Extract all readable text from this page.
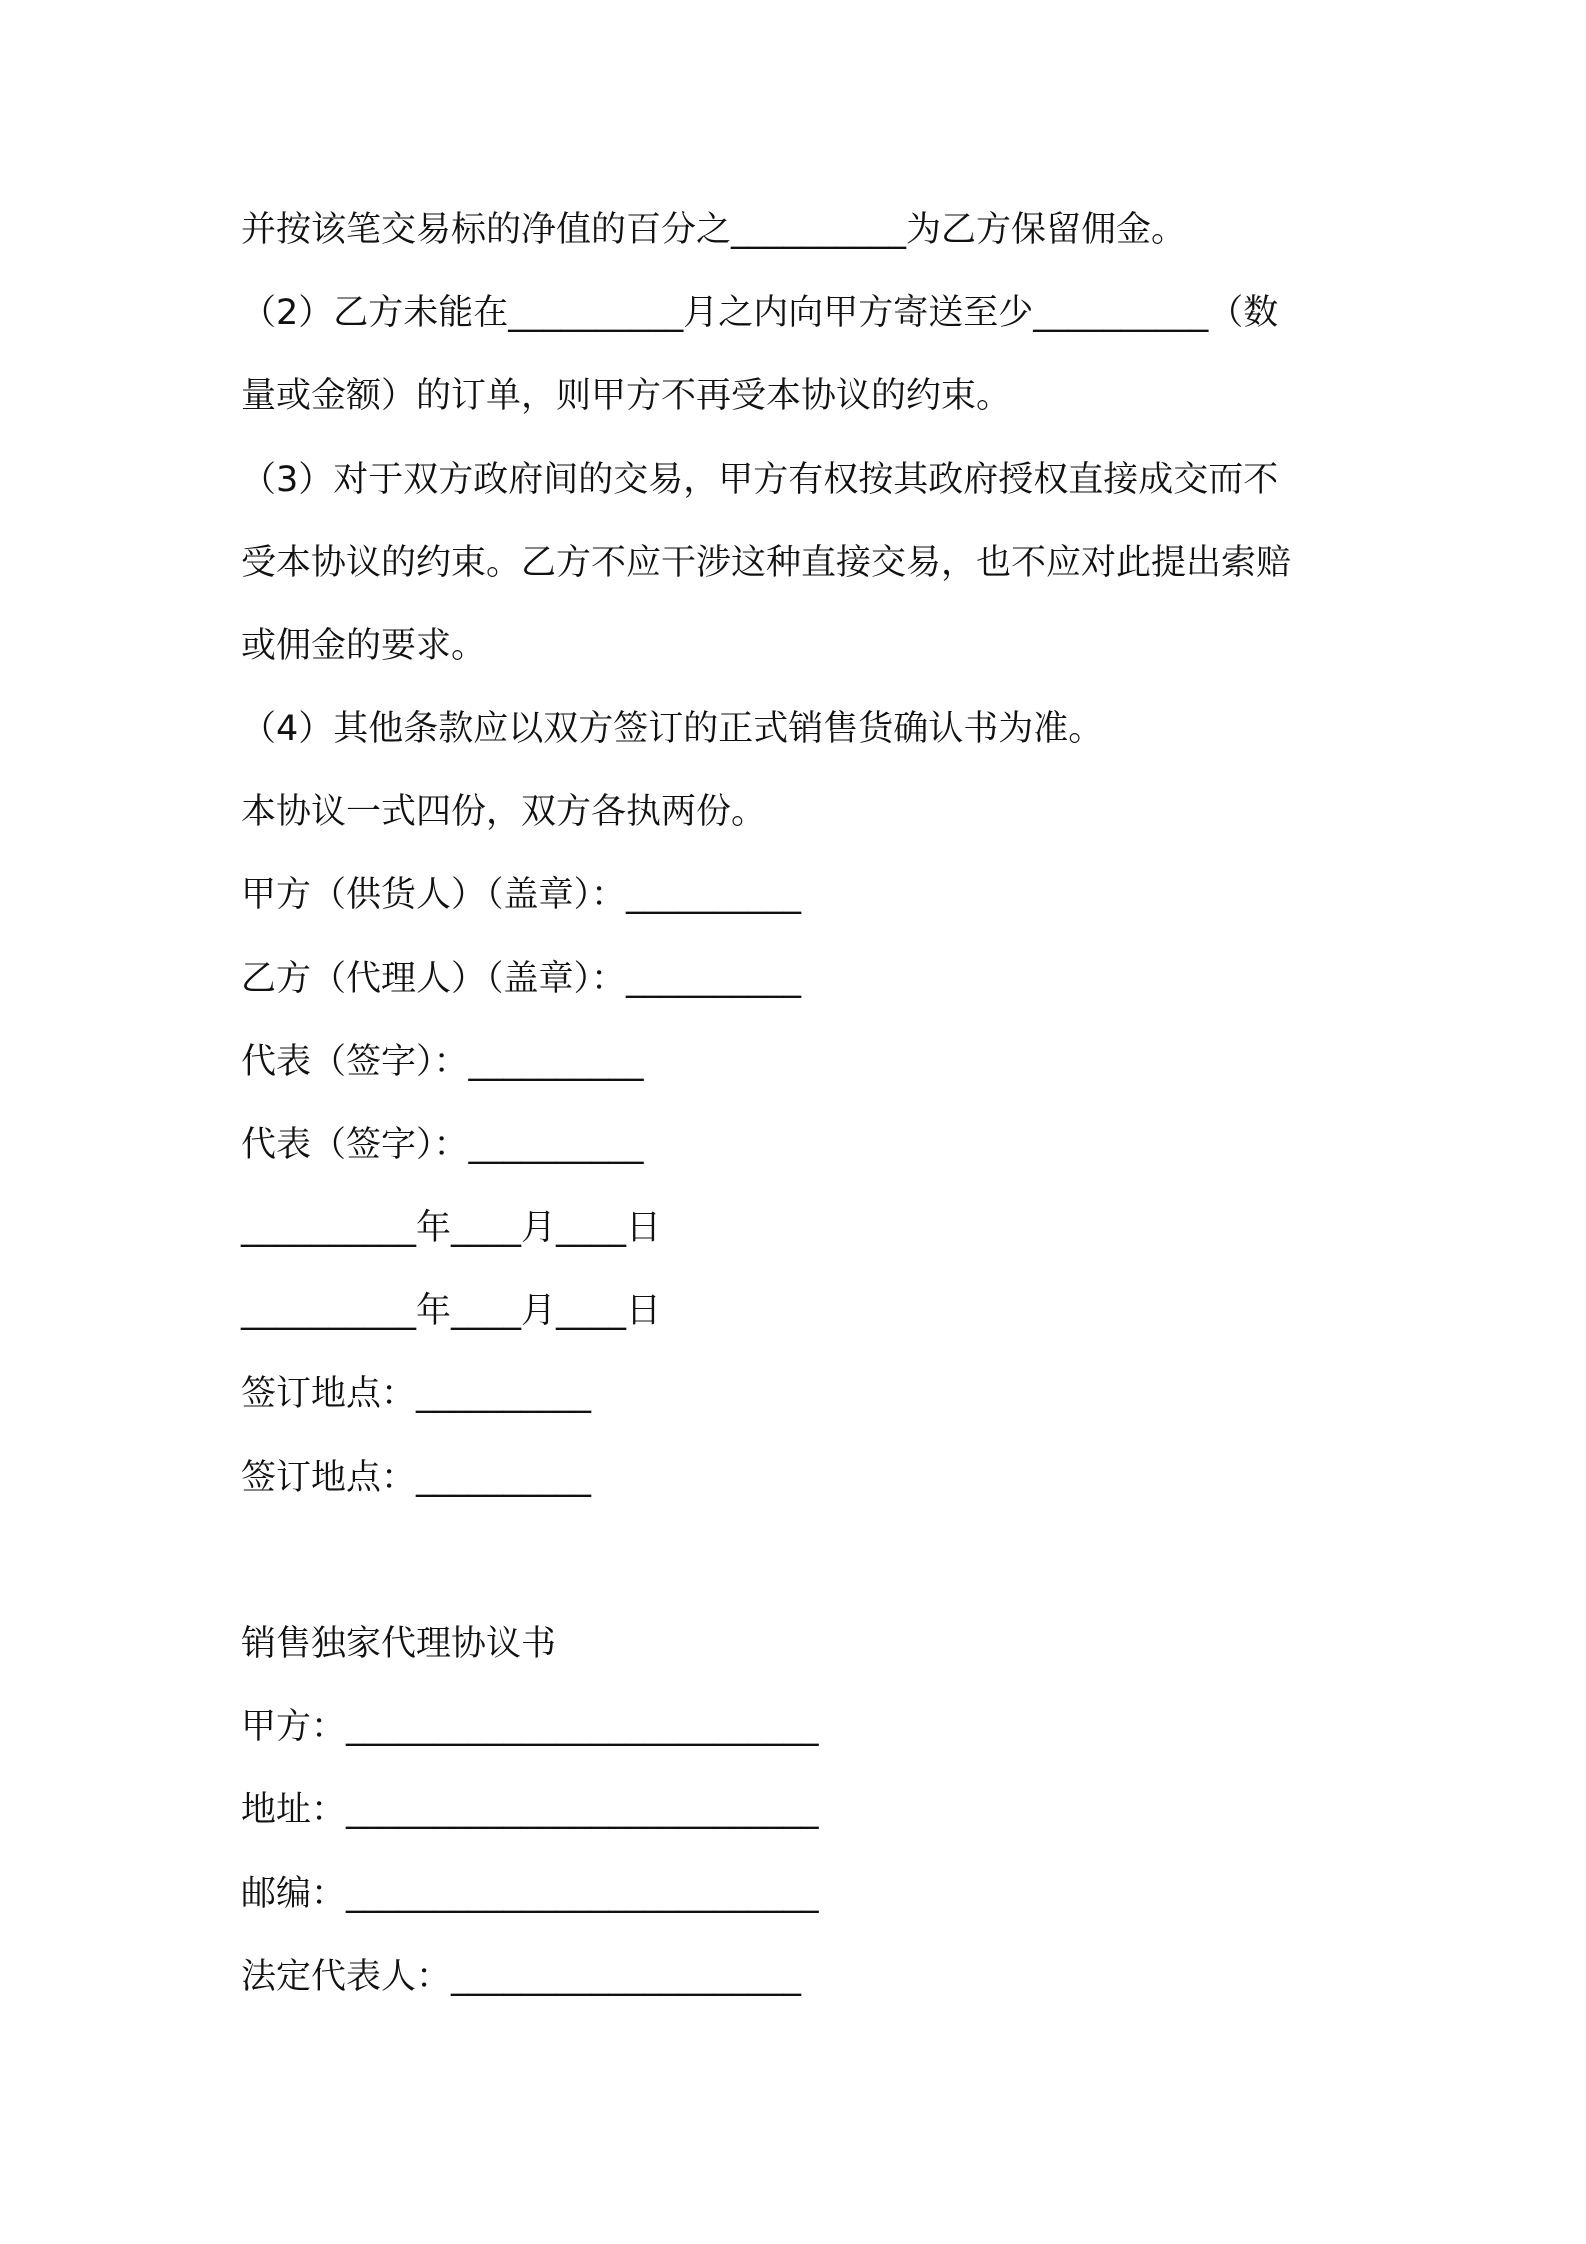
并按该笔交易标的净值的百分之__________为乙方保留佣金。
（2）乙方未能在__________月之内向甲方寄送至少__________（数
量或金额）的订单，则甲方不再受本协议的约束。
（3）对于双方政府间的交易，甲方有权按其政府授权直接成交而不
受本协议的约束。乙方不应干涉这种直接交易，也不应对此提出索赔
或佣金的要求。
（4）其他条款应以双方签订的正式销售货确认书为准。
本协议一式四份，双方各执两份。
甲方（供货人）（盖章）：__________
乙方（代理人）（盖章）：__________
代表（签字）：__________
代表（签字）：__________
__________年____月____日
__________年____月____日
签订地点：__________
签订地点：__________
销售独家代理协议书
甲方：___________________________
地址：___________________________
邮编：___________________________
法定代表人：____________________
